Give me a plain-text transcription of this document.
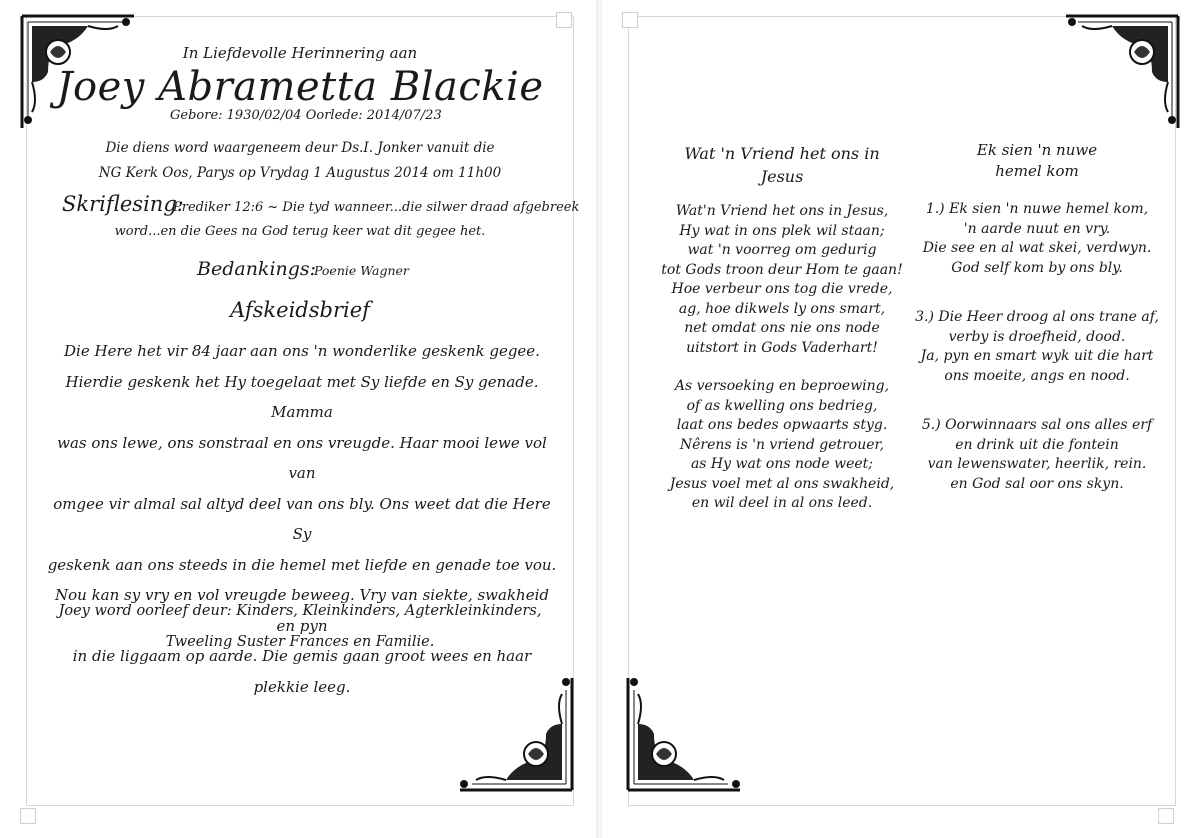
In Liefdevolle Herinnering aan
Joey Abrametta Blackie
Gebore: 1930/02/04 Oorlede: 2014/07/23
Die diens word waargeneem deur Ds.I. Jonker vanuit die
NG Kerk Oos, Parys op Vrydag 1 Augustus 2014 om 11h00
Skriflesing:
Prediker 12:6 ~ Die tyd wanneer...die silwer draad afgebreek
word...en die Gees na God terug keer wat dit gegee het.
Bedankings:
Poenie Wagner
Afskeidsbrief
Die Here het vir 84 jaar aan ons 'n wonderlike geskenk gegee.
Hierdie geskenk het Hy toegelaat met Sy liefde en Sy genade. Mamma
was ons lewe, ons sonstraal en ons vreugde. Haar mooi lewe vol van
omgee vir almal sal altyd deel van ons bly. Ons weet dat die Here Sy
geskenk aan ons steeds in die hemel met liefde en genade toe vou.
Nou kan sy vry en vol vreugde beweeg. Vry van siekte, swakheid en pyn
in die liggaam op aarde. Die gemis gaan groot wees en haar plekkie leeg.
Joey word oorleef deur: Kinders, Kleinkinders, Agterkleinkinders,
Tweeling Suster Frances en Familie.
Wat 'n Vriend het ons in
Jesus
Wat'n Vriend het ons in Jesus,
Hy wat in ons plek wil staan;
wat 'n voorreg om gedurig
tot Gods troon deur Hom te gaan!
Hoe verbeur ons tog die vrede,
ag, hoe dikwels ly ons smart,
net omdat ons nie ons node
uitstort in Gods Vaderhart!
As versoeking en beproewing,
of as kwelling ons bedrieg,
laat ons bedes opwaarts styg.
Nêrens is 'n vriend getrouer,
as Hy wat ons node weet;
Jesus voel met al ons swakheid,
en wil deel in al ons leed.
Ek sien 'n nuwe
hemel kom
1.) Ek sien 'n nuwe hemel kom,
'n aarde nuut en vry.
Die see en al wat skei, verdwyn.
God self kom by ons bly.
3.) Die Heer droog al ons trane af,
verby is droefheid, dood.
Ja, pyn en smart wyk uit die hart
ons moeite, angs en nood.
5.) Oorwinnaars sal ons alles erf
en drink uit die fontein
van lewenswater, heerlik, rein.
en God sal oor ons skyn.
